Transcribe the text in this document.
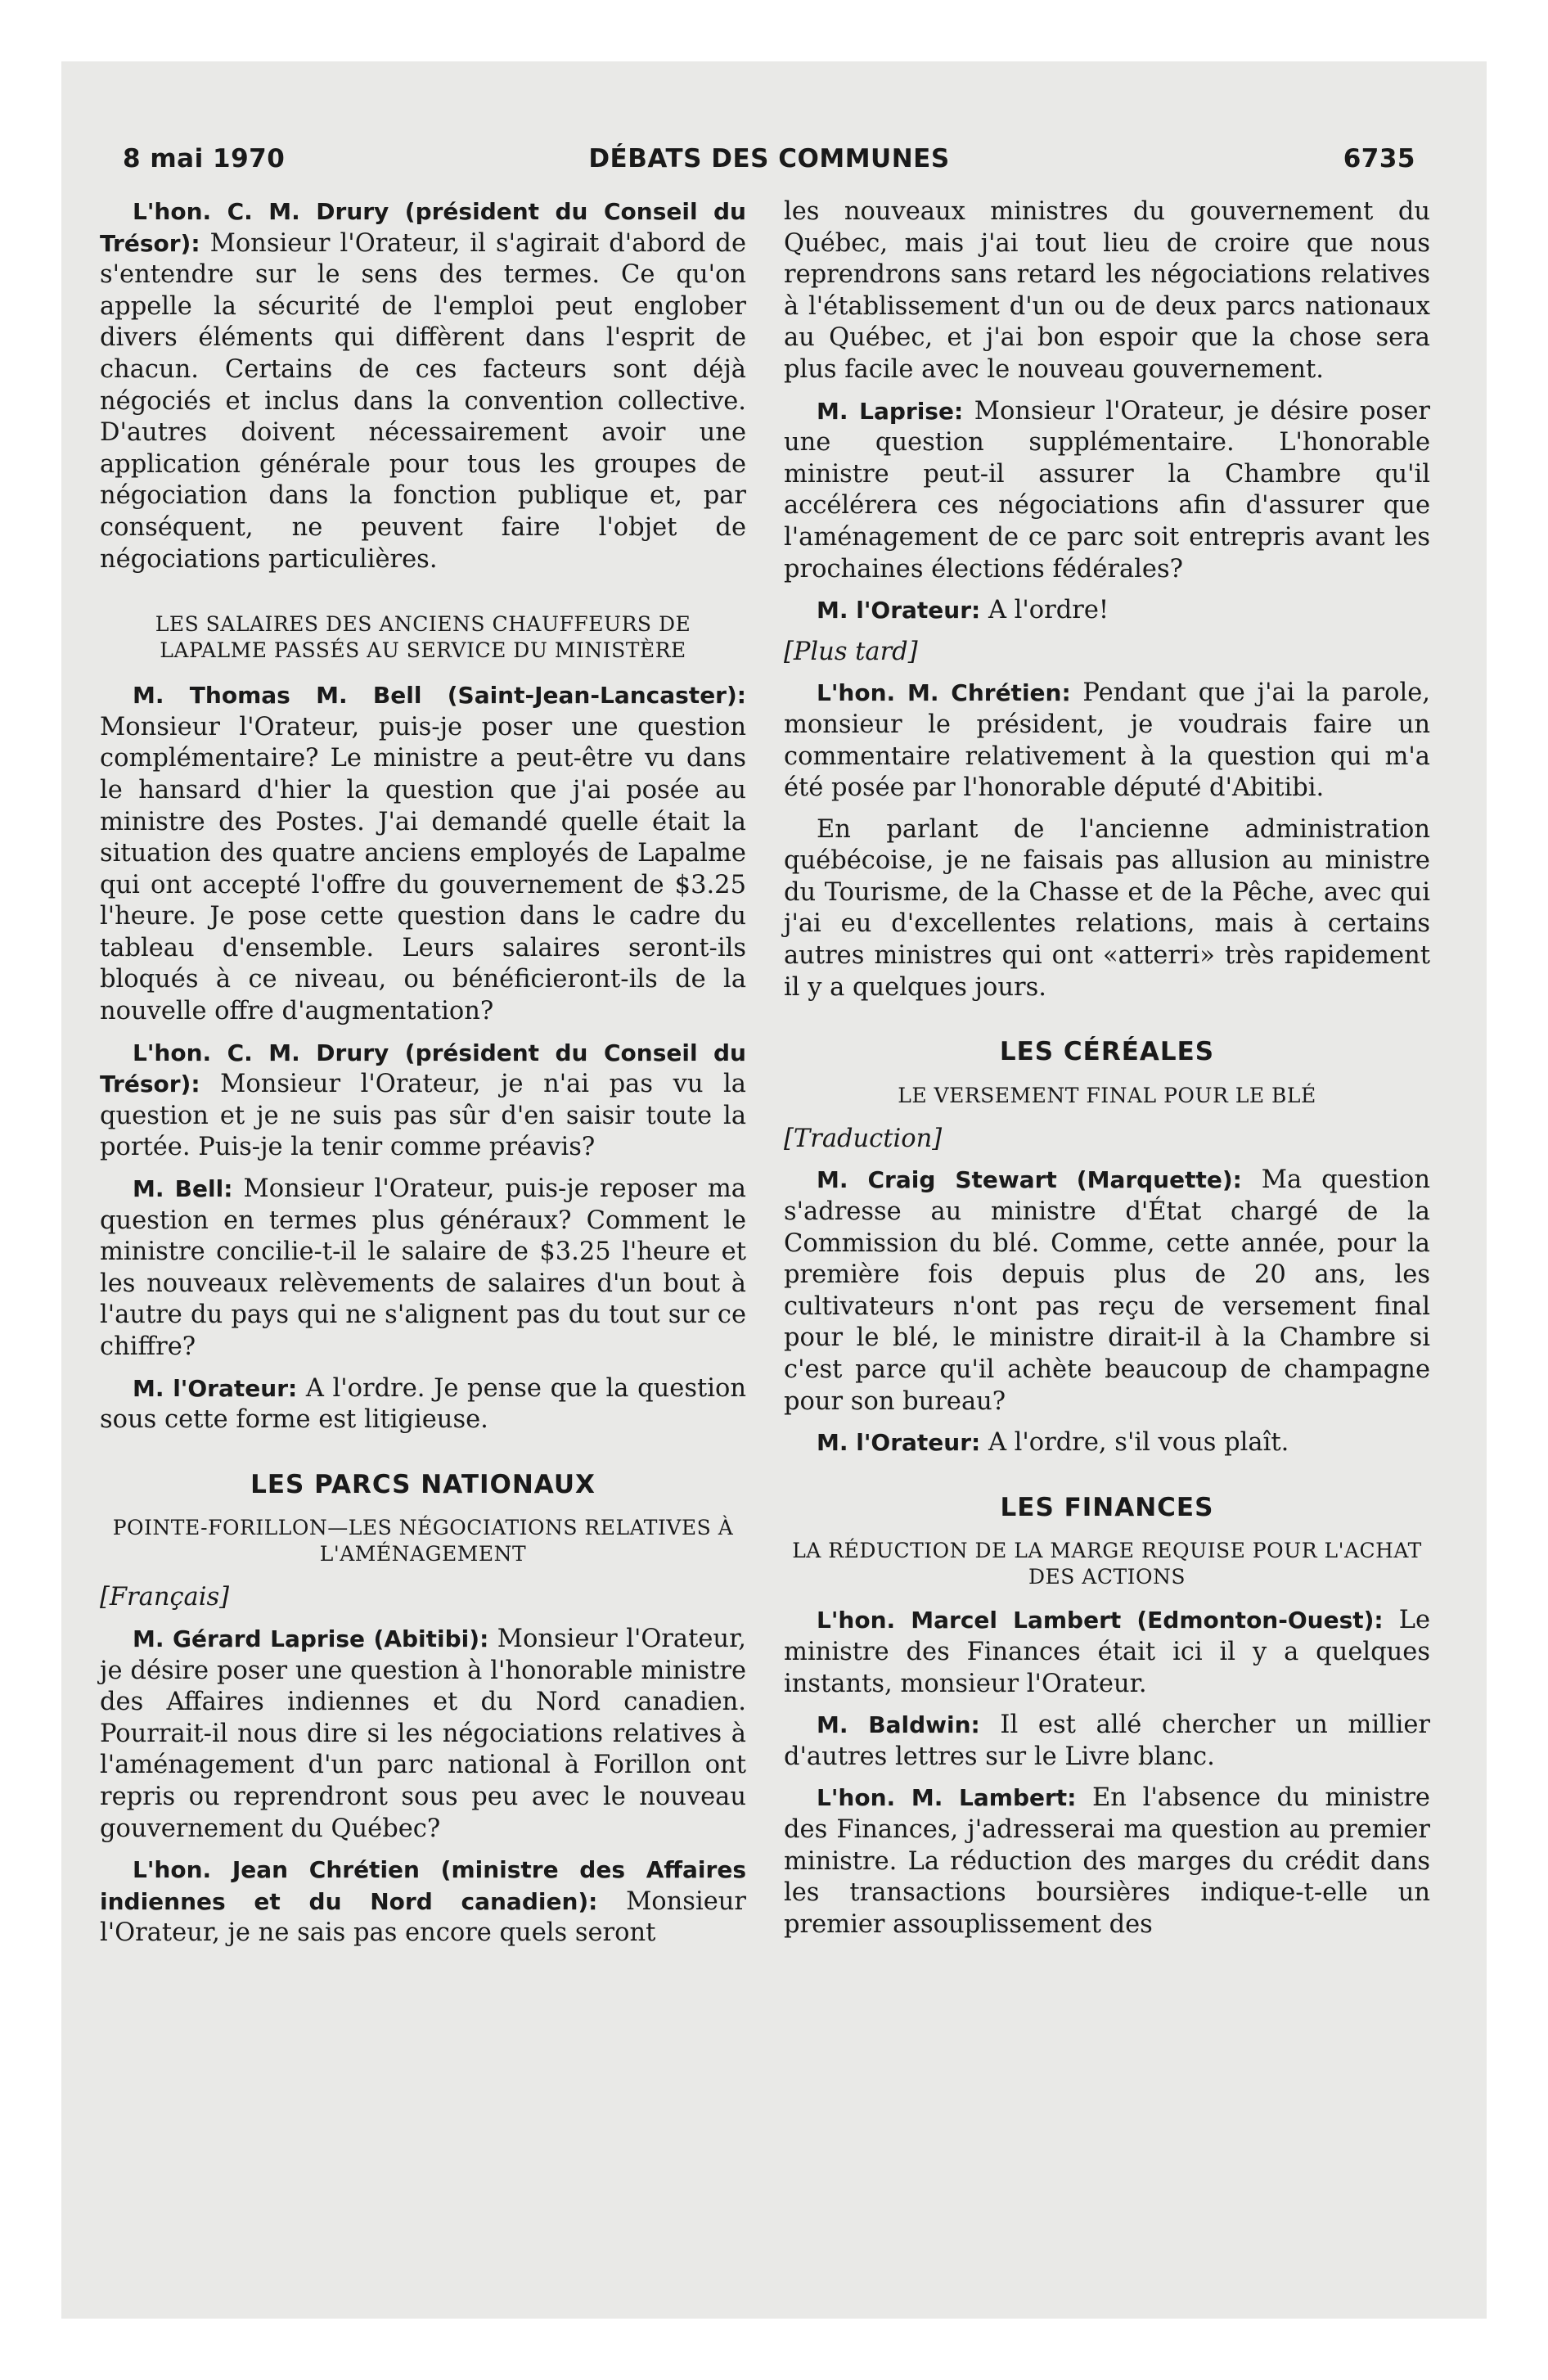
8 mai 1970	DÉBATS DES COMMUNES	6735

L'hon. C. M. Drury (président du Conseil du Trésor): Monsieur l'Orateur, il s'agirait d'abord de s'entendre sur le sens des termes. Ce qu'on appelle la sécurité de l'emploi peut englober divers éléments qui diffèrent dans l'esprit de chacun. Certains de ces facteurs sont déjà négociés et inclus dans la convention collective. D'autres doivent nécessairement avoir une application générale pour tous les groupes de négociation dans la fonction publique et, par conséquent, ne peuvent faire l'objet de négociations particulières.

LES SALAIRES DES ANCIENS CHAUFFEURS DE LAPALME PASSÉS AU SERVICE DU MINISTÈRE

M. Thomas M. Bell (Saint-Jean-Lancaster): Monsieur l'Orateur, puis-je poser une question complémentaire? Le ministre a peut-être vu dans le hansard d'hier la question que j'ai posée au ministre des Postes. J'ai demandé quelle était la situation des quatre anciens employés de Lapalme qui ont accepté l'offre du gouvernement de $3.25 l'heure. Je pose cette question dans le cadre du tableau d'ensemble. Leurs salaires seront-ils bloqués à ce niveau, ou bénéficieront-ils de la nouvelle offre d'augmentation?

L'hon. C. M. Drury (président du Conseil du Trésor): Monsieur l'Orateur, je n'ai pas vu la question et je ne suis pas sûr d'en saisir toute la portée. Puis-je la tenir comme préavis?

M. Bell: Monsieur l'Orateur, puis-je reposer ma question en termes plus généraux? Comment le ministre concilie-t-il le salaire de $3.25 l'heure et les nouveaux relèvements de salaires d'un bout à l'autre du pays qui ne s'alignent pas du tout sur ce chiffre?

M. l'Orateur: A l'ordre. Je pense que la question sous cette forme est litigieuse.

LES PARCS NATIONAUX
POINTE-FORILLON—LES NÉGOCIATIONS RELATIVES À L'AMÉNAGEMENT
[Français]

M. Gérard Laprise (Abitibi): Monsieur l'Orateur, je désire poser une question à l'honorable ministre des Affaires indiennes et du Nord canadien. Pourrait-il nous dire si les négociations relatives à l'aménagement d'un parc national à Forillon ont repris ou reprendront sous peu avec le nouveau gouvernement du Québec?

L'hon. Jean Chrétien (ministre des Affaires indiennes et du Nord canadien): Monsieur l'Orateur, je ne sais pas encore quels seront

les nouveaux ministres du gouvernement du Québec, mais j'ai tout lieu de croire que nous reprendrons sans retard les négociations relatives à l'établissement d'un ou de deux parcs nationaux au Québec, et j'ai bon espoir que la chose sera plus facile avec le nouveau gouvernement.

M. Laprise: Monsieur l'Orateur, je désire poser une question supplémentaire. L'honorable ministre peut-il assurer la Chambre qu'il accélérera ces négociations afin d'assurer que l'aménagement de ce parc soit entrepris avant les prochaines élections fédérales?

M. l'Orateur: A l'ordre!

[Plus tard]

L'hon. M. Chrétien: Pendant que j'ai la parole, monsieur le président, je voudrais faire un commentaire relativement à la question qui m'a été posée par l'honorable député d'Abitibi.

En parlant de l'ancienne administration québécoise, je ne faisais pas allusion au ministre du Tourisme, de la Chasse et de la Pêche, avec qui j'ai eu d'excellentes relations, mais à certains autres ministres qui ont «atterri» très rapidement il y a quelques jours.

LES CÉRÉALES
LE VERSEMENT FINAL POUR LE BLÉ
[Traduction]

M. Craig Stewart (Marquette): Ma question s'adresse au ministre d'État chargé de la Commission du blé. Comme, cette année, pour la première fois depuis plus de 20 ans, les cultivateurs n'ont pas reçu de versement final pour le blé, le ministre dirait-il à la Chambre si c'est parce qu'il achète beaucoup de champagne pour son bureau?

M. l'Orateur: A l'ordre, s'il vous plaît.

LES FINANCES
LA RÉDUCTION DE LA MARGE REQUISE POUR L'ACHAT DES ACTIONS

L'hon. Marcel Lambert (Edmonton-Ouest): Le ministre des Finances était ici il y a quelques instants, monsieur l'Orateur.

M. Baldwin: Il est allé chercher un millier d'autres lettres sur le Livre blanc.

L'hon. M. Lambert: En l'absence du ministre des Finances, j'adresserai ma question au premier ministre. La réduction des marges du crédit dans les transactions boursières indique-t-elle un premier assouplissement des
